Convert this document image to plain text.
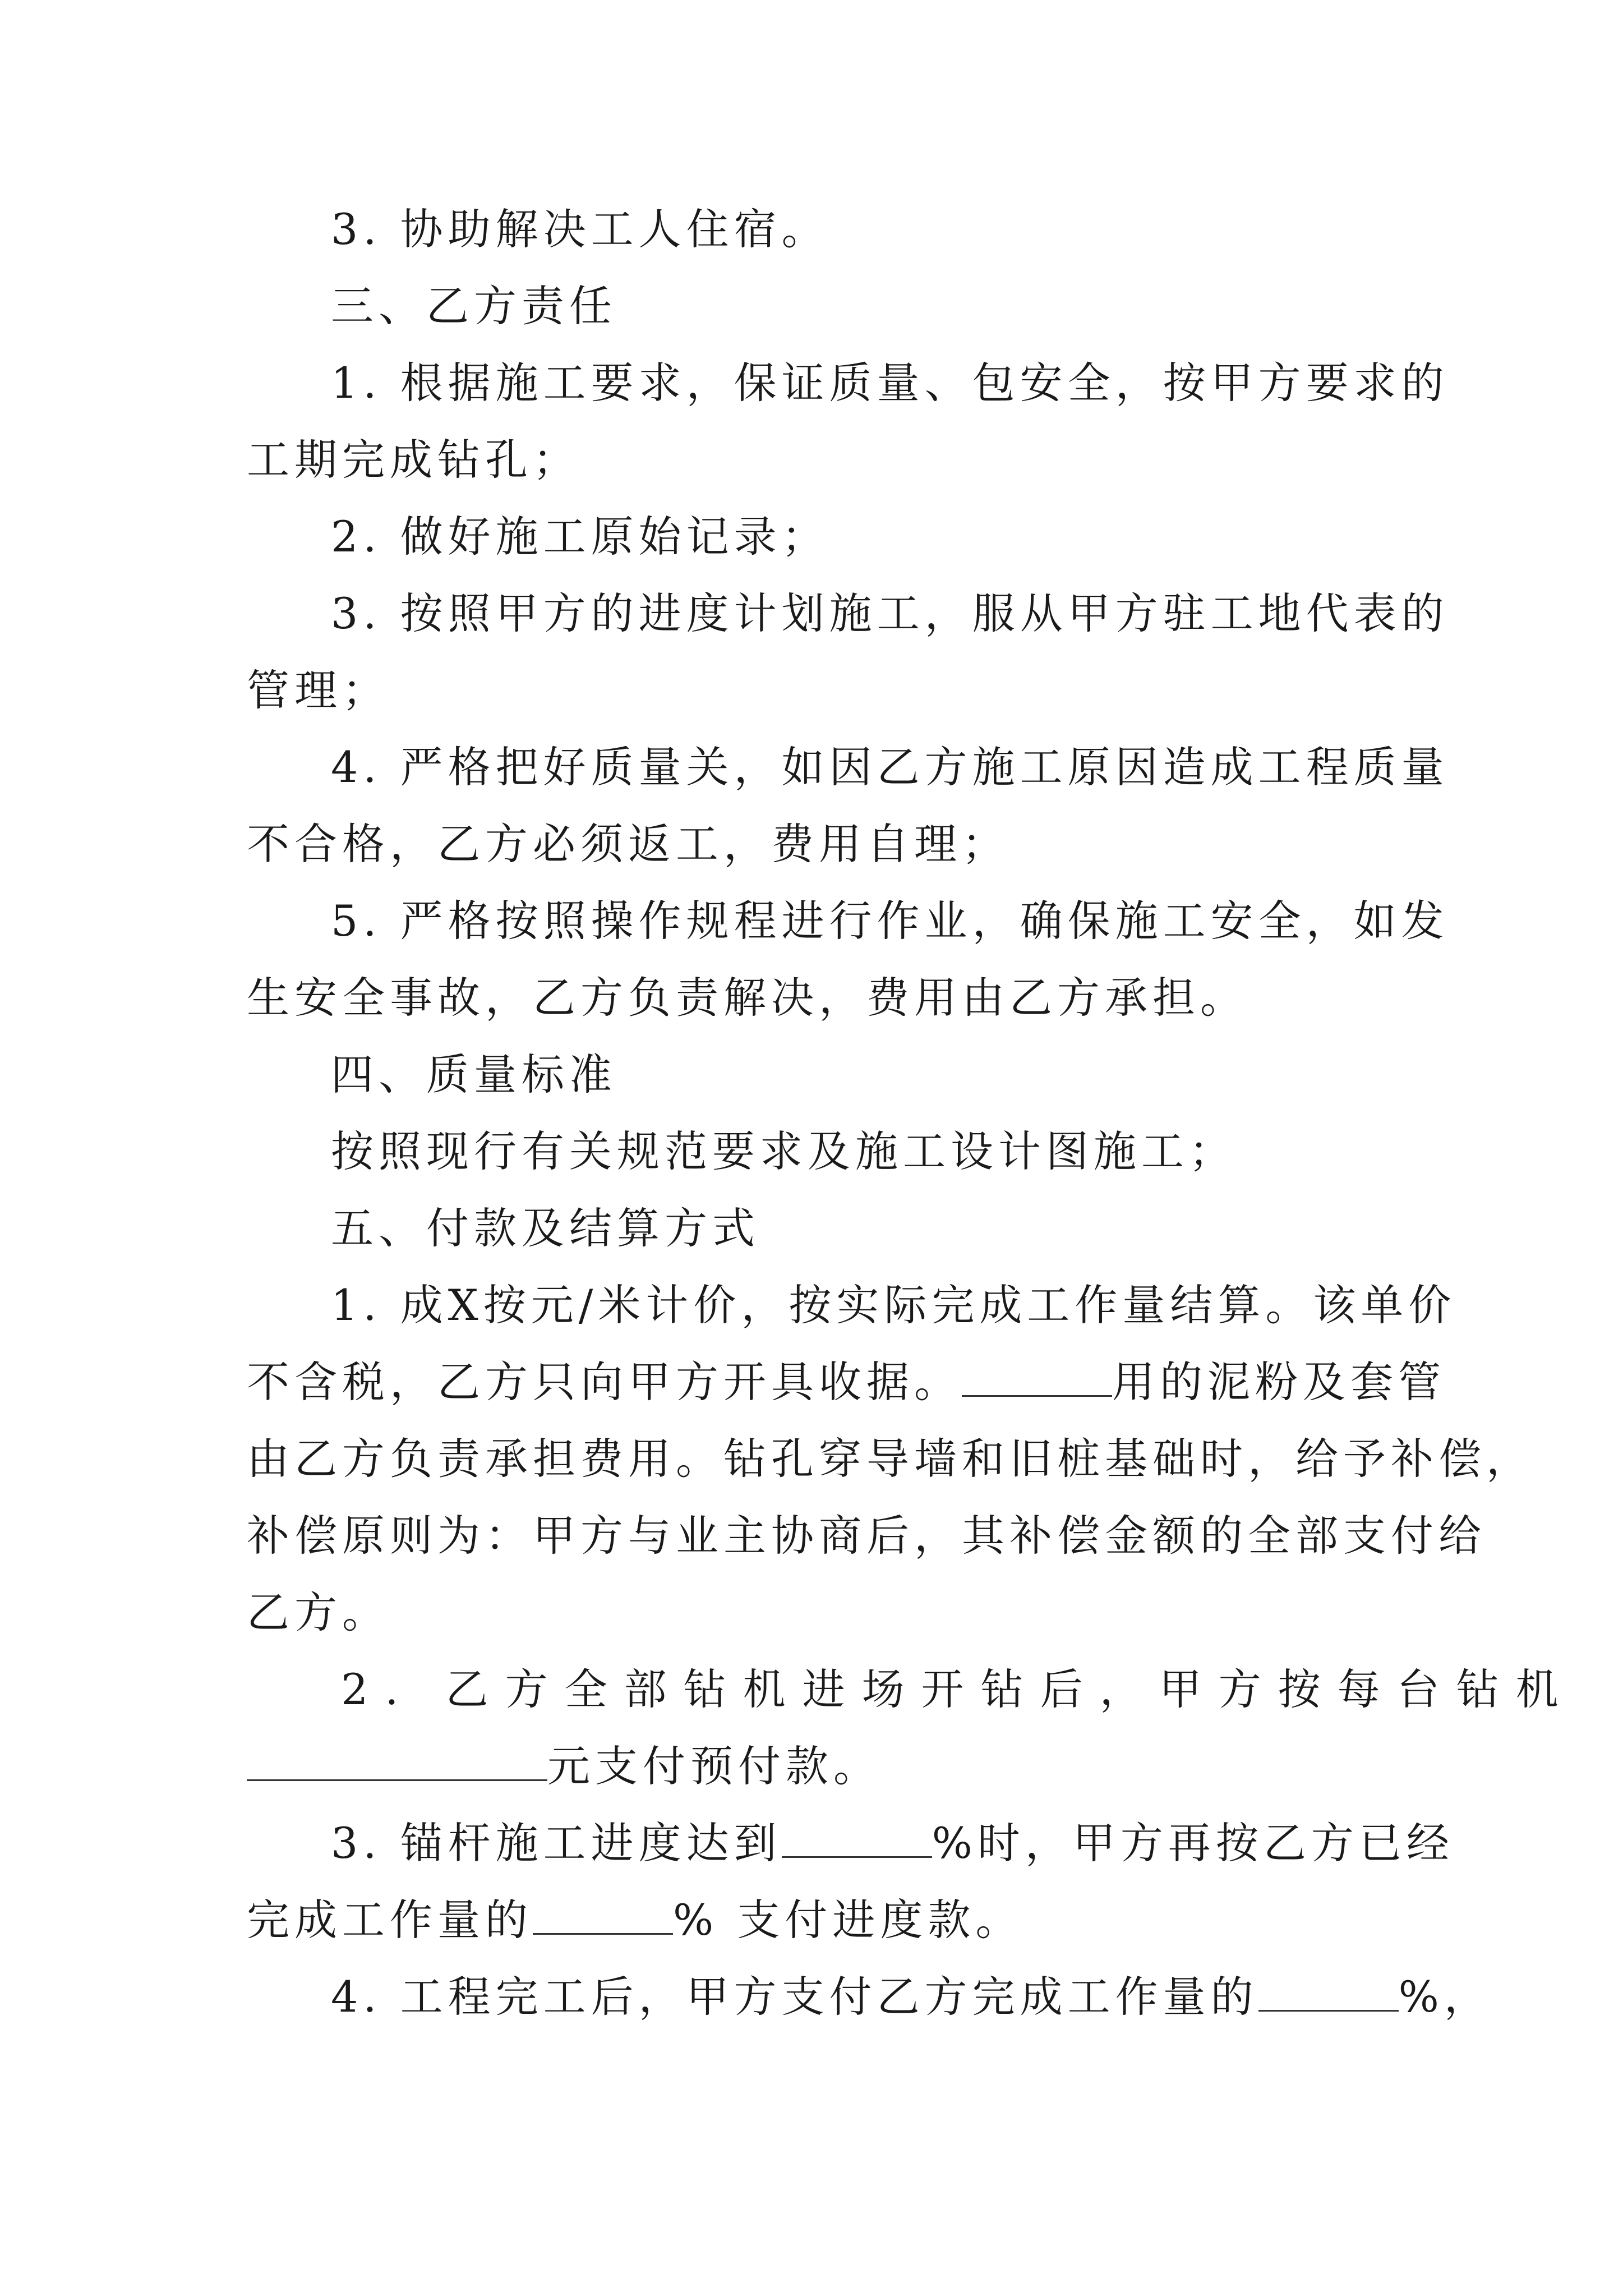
3. 协助解决工人住宿。
三、乙方责任
1. 根据施工要求，保证质量、包安全，按甲方要求的
工期完成钻孔；
2. 做好施工原始记录；
3. 按照甲方的进度计划施工，服从甲方驻工地代表的
管理；
4. 严格把好质量关，如因乙方施工原因造成工程质量
不合格，乙方必须返工，费用自理；
5. 严格按照操作规程进行作业，确保施工安全，如发
生安全事故，乙方负责解决，费用由乙方承担。
四、质量标准
按照现行有关规范要求及施工设计图施工；
五、付款及结算方式
1. 成X按元/米计价，按实际完成工作量结算。该单价
不含税，乙方只向甲方开具收据。	用的泥粉及套管
由乙方负责承担费用。钻孔穿导墙和旧桩基础时，给予补偿，
补偿原则为：甲方与业主协商后，其补偿金额的全部支付给
乙方。
2. 乙方全部钻机进场开钻后，甲方按每台钻机
元支付预付款。
3. 锚杆施工进度达到	%时，甲方再按乙方已经
完成工作量的	% 支付进度款。
4. 工程完工后，甲方支付乙方完成工作量的	%，
